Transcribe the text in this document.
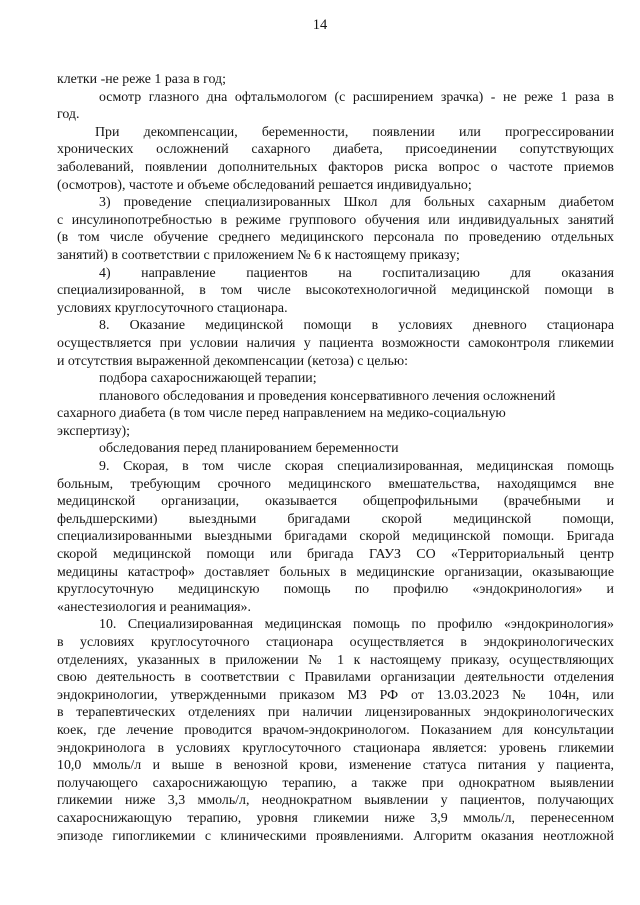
14
клетки -не реже 1 раза в год;
осмотр глазного дна офтальмологом (с расширением зрачка) - не реже 1 раза в
год.
При декомпенсации, беременности, появлении или прогрессировании
хронических осложнений сахарного диабета, присоединении сопутствующих
заболеваний, появлении дополнительных факторов риска вопрос о частоте приемов
(осмотров), частоте и объеме обследований решается индивидуально;
3) проведение специализированных Школ для больных сахарным диабетом
с инсулинопотребностью в режиме группового обучения или индивидуальных занятий
(в том числе обучение среднего медицинского персонала по проведению отдельных
занятий) в соответствии с приложением № 6 к настоящему приказу;
4) направление пациентов на госпитализацию для оказания
специализированной, в том числе высокотехнологичной медицинской помощи в
условиях круглосуточного стационара.
8. Оказание медицинской помощи в условиях дневного стационара
осуществляется при условии наличия у пациента возможности самоконтроля гликемии
и отсутствия выраженной декомпенсации (кетоза) с целью:
подбора сахароснижающей терапии;
планового обследования и проведения консервативного лечения осложнений
сахарного диабета (в том числе перед направлением на медико-социальную
экспертизу);
обследования перед планированием беременности
9. Скорая, в том числе скорая специализированная, медицинская помощь
больным, требующим срочного медицинского вмешательства, находящимся вне
медицинской организации, оказывается общепрофильными (врачебными и
фельдшерскими) выездными бригадами скорой медицинской помощи,
специализированными выездными бригадами скорой медицинской помощи. Бригада
скорой медицинской помощи или бригада ГАУЗ СО «Территориальный центр
медицины катастроф» доставляет больных в медицинские организации, оказывающие
круглосуточную медицинскую помощь по профилю «эндокринология» и
«анестезиология и реанимация».
10. Специализированная медицинская помощь по профилю «эндокринология»
в условиях круглосуточного стационара осуществляется в эндокринологических
отделениях, указанных в приложении № 1 к настоящему приказу, осуществляющих
свою деятельность в соответствии с Правилами организации деятельности отделения
эндокринологии, утвержденными приказом МЗ РФ от 13.03.2023 № 104н, или
в терапевтических отделениях при наличии лицензированных эндокринологических
коек, где лечение проводится врачом-эндокринологом. Показанием для консультации
эндокринолога в условиях круглосуточного стационара является: уровень гликемии
10,0 ммоль/л и выше в венозной крови, изменение статуса питания у пациента,
получающего сахароснижающую терапию, а также при однократном выявлении
гликемии ниже 3,3 ммоль/л, неоднократном выявлении у пациентов, получающих
сахароснижающую терапию, уровня гликемии ниже 3,9 ммоль/л, перенесенном
эпизоде гипогликемии с клиническими проявлениями. Алгоритм оказания неотложной
